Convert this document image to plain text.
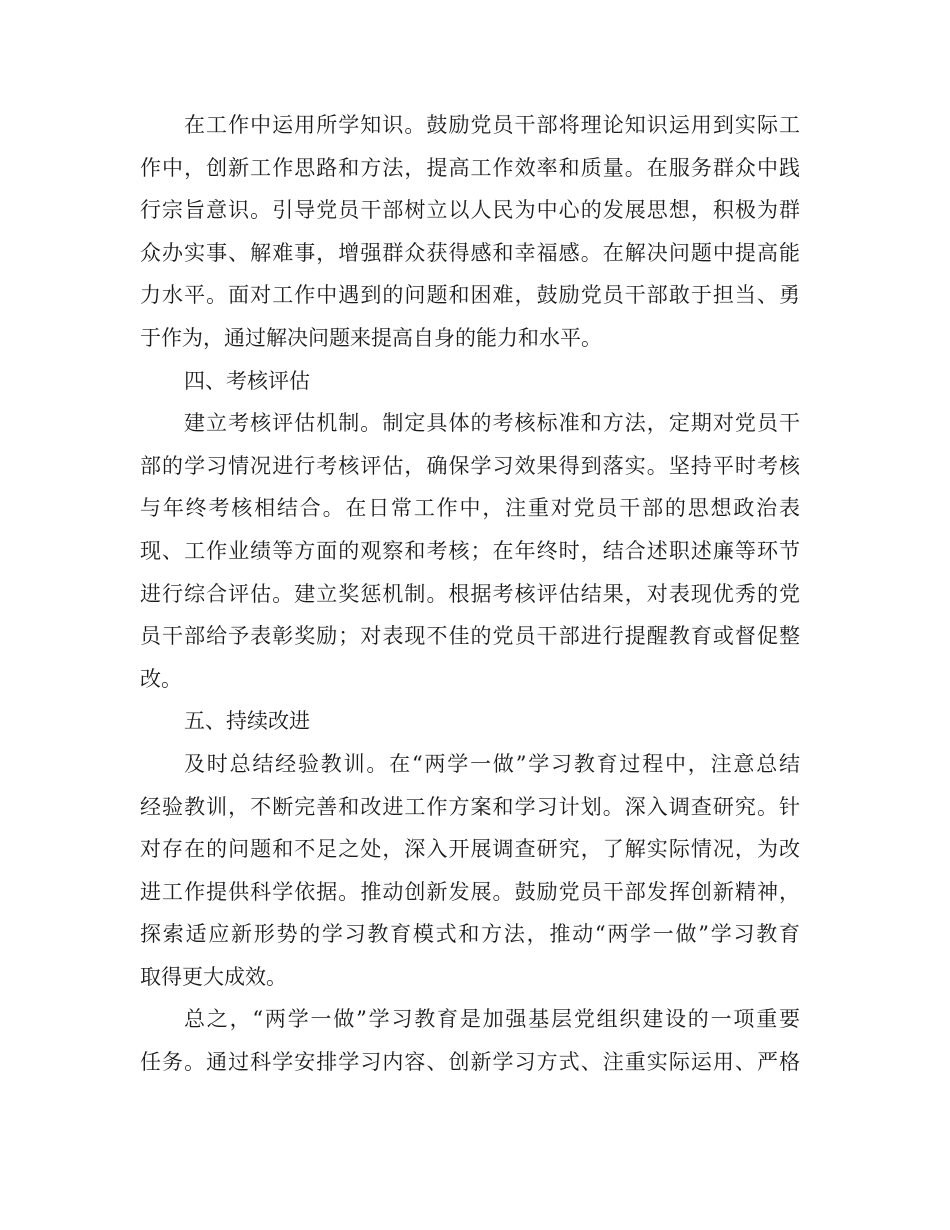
在工作中运用所学知识。鼓励党员干部将理论知识运用到实际工
作中，创新工作思路和方法，提高工作效率和质量。在服务群众中践
行宗旨意识。引导党员干部树立以人民为中心的发展思想，积极为群
众办实事、解难事，增强群众获得感和幸福感。在解决问题中提高能
力水平。面对工作中遇到的问题和困难，鼓励党员干部敢于担当、勇
于作为，通过解决问题来提高自身的能力和水平。
四、考核评估
建立考核评估机制。制定具体的考核标准和方法，定期对党员干
部的学习情况进行考核评估，确保学习效果得到落实。坚持平时考核
与年终考核相结合。在日常工作中，注重对党员干部的思想政治表
现、工作业绩等方面的观察和考核；在年终时，结合述职述廉等环节
进行综合评估。建立奖惩机制。根据考核评估结果，对表现优秀的党
员干部给予表彰奖励；对表现不佳的党员干部进行提醒教育或督促整
改。
五、持续改进
及时总结经验教训。在“两学一做”学习教育过程中，注意总结
经验教训，不断完善和改进工作方案和学习计划。深入调查研究。针
对存在的问题和不足之处，深入开展调查研究，了解实际情况，为改
进工作提供科学依据。推动创新发展。鼓励党员干部发挥创新精神，
探索适应新形势的学习教育模式和方法，推动“两学一做”学习教育
取得更大成效。
总之，“两学一做”学习教育是加强基层党组织建设的一项重要
任务。通过科学安排学习内容、创新学习方式、注重实际运用、严格
